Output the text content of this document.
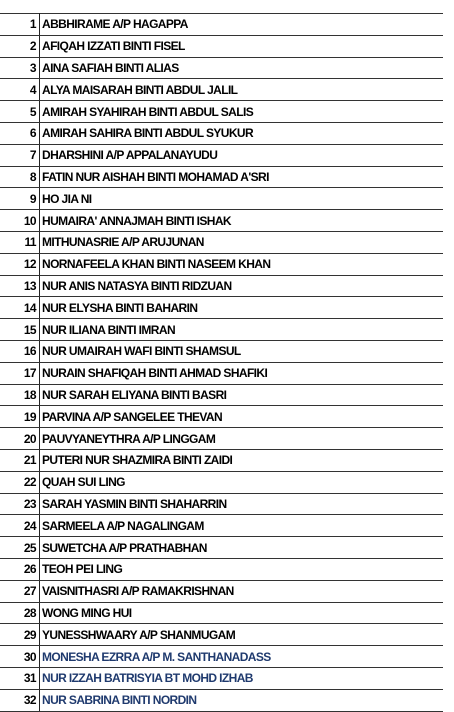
1	ABBHIRAME A/P HAGAPPA
2	AFIQAH IZZATI BINTI FISEL
3	AINA SAFIAH BINTI ALIAS
4	ALYA MAISARAH BINTI ABDUL JALIL
5	AMIRAH SYAHIRAH BINTI ABDUL SALIS
6	AMIRAH SAHIRA BINTI ABDUL SYUKUR
7	DHARSHINI A/P APPALANAYUDU
8	FATIN NUR AISHAH BINTI MOHAMAD A'SRI
9	HO JIA NI
10	HUMAIRA' ANNAJMAH BINTI ISHAK
11	MITHUNASRIE A/P ARUJUNAN
12	NORNAFEELA KHAN BINTI NASEEM KHAN
13	NUR ANIS NATASYA BINTI RIDZUAN
14	NUR ELYSHA BINTI BAHARIN
15	NUR ILIANA BINTI IMRAN
16	NUR UMAIRAH WAFI BINTI SHAMSUL
17	NURAIN SHAFIQAH BINTI AHMAD SHAFIKI
18	NUR SARAH ELIYANA BINTI BASRI
19	PARVINA A/P SANGELEE THEVAN
20	PAUVYANEYTHRA A/P LINGGAM
21	PUTERI NUR SHAZMIRA BINTI ZAIDI
22	QUAH SUI LING
23	SARAH YASMIN BINTI SHAHARRIN
24	SARMEELA A/P NAGALINGAM
25	SUWETCHA A/P PRATHABHAN
26	TEOH PEI LING
27	VAISNITHASRI A/P RAMAKRISHNAN
28	WONG MING HUI
29	YUNESSHWAARY A/P SHANMUGAM
30	MONESHA EZRRA A/P M. SANTHANADASS
31	NUR IZZAH BATRISYIA BT MOHD IZHAB
32	NUR SABRINA BINTI NORDIN
